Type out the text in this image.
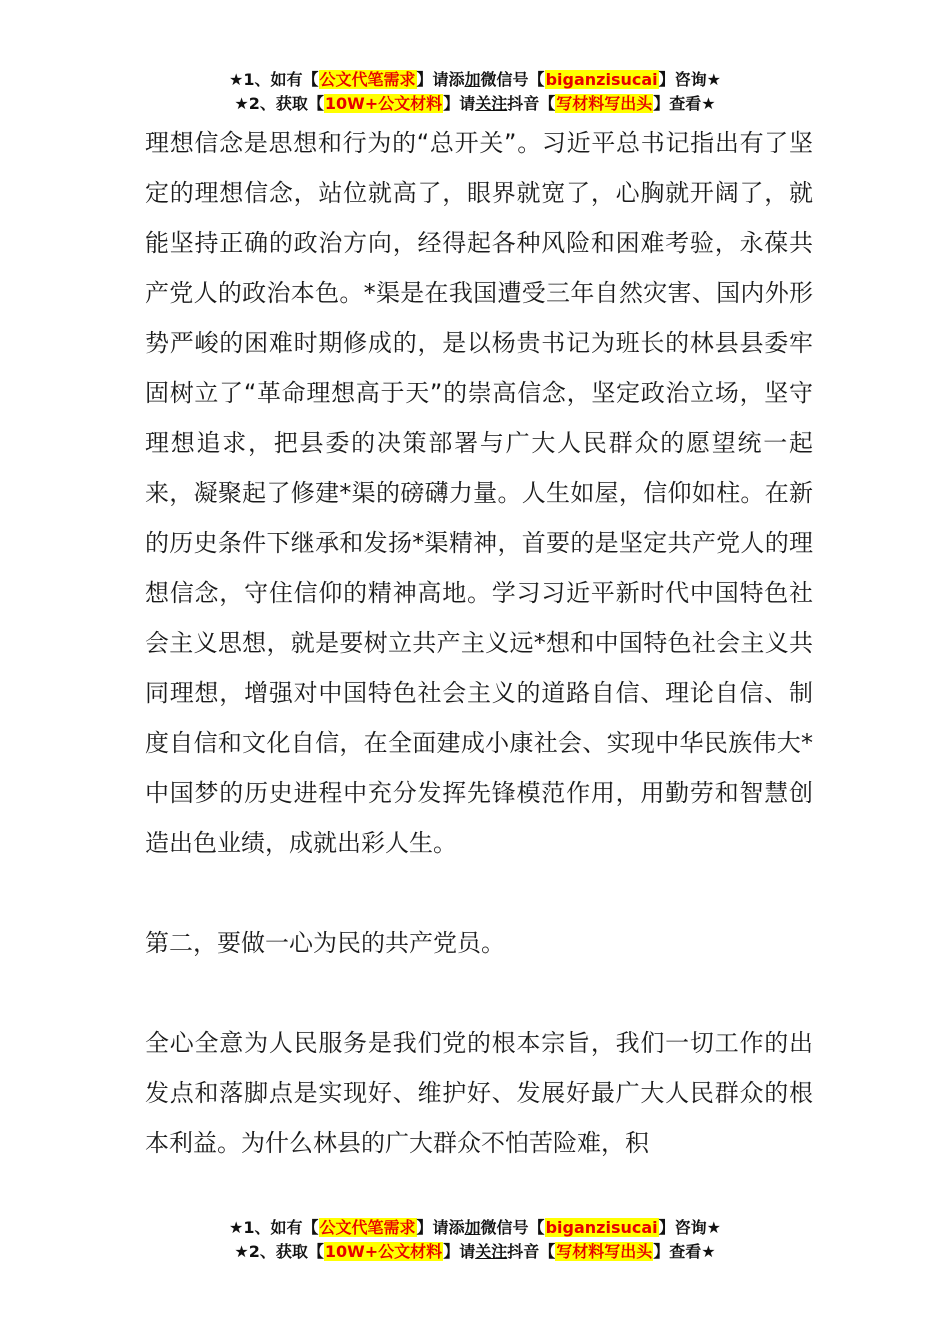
★1、如有【公文代笔需求】请添加微信号【biganzisucai】咨询★
★2、获取【10W+公文材料】请关注抖音【写材料写出头】查看★

理想信念是思想和行为的“总开关”。习近平总书记指出有了坚定的理想信念，站位就高了，眼界就宽了，心胸就开阔了，就能坚持正确的政治方向，经得起各种风险和困难考验，永葆共产党人的政治本色。*渠是在我国遭受三年自然灾害、国内外形势严峻的困难时期修成的，是以杨贵书记为班长的林县县委牢固树立了“革命理想高于天”的崇高信念，坚定政治立场，坚守理想追求，把县委的决策部署与广大人民群众的愿望统一起来，凝聚起了修建*渠的磅礴力量。人生如屋，信仰如柱。在新的历史条件下继承和发扬*渠精神，首要的是坚定共产党人的理想信念，守住信仰的精神高地。学习习近平新时代中国特色社会主义思想，就是要树立共产主义远*想和中国特色社会主义共同理想，增强对中国特色社会主义的道路自信、理论自信、制度自信和文化自信，在全面建成小康社会、实现中华民族伟大*中国梦的历史进程中充分发挥先锋模范作用，用勤劳和智慧创造出色业绩，成就出彩人生。

第二，要做一心为民的共产党员。

全心全意为人民服务是我们党的根本宗旨，我们一切工作的出发点和落脚点是实现好、维护好、发展好最广大人民群众的根本利益。为什么林县的广大群众不怕苦险难，积

★1、如有【公文代笔需求】请添加微信号【biganzisucai】咨询★
★2、获取【10W+公文材料】请关注抖音【写材料写出头】查看★
